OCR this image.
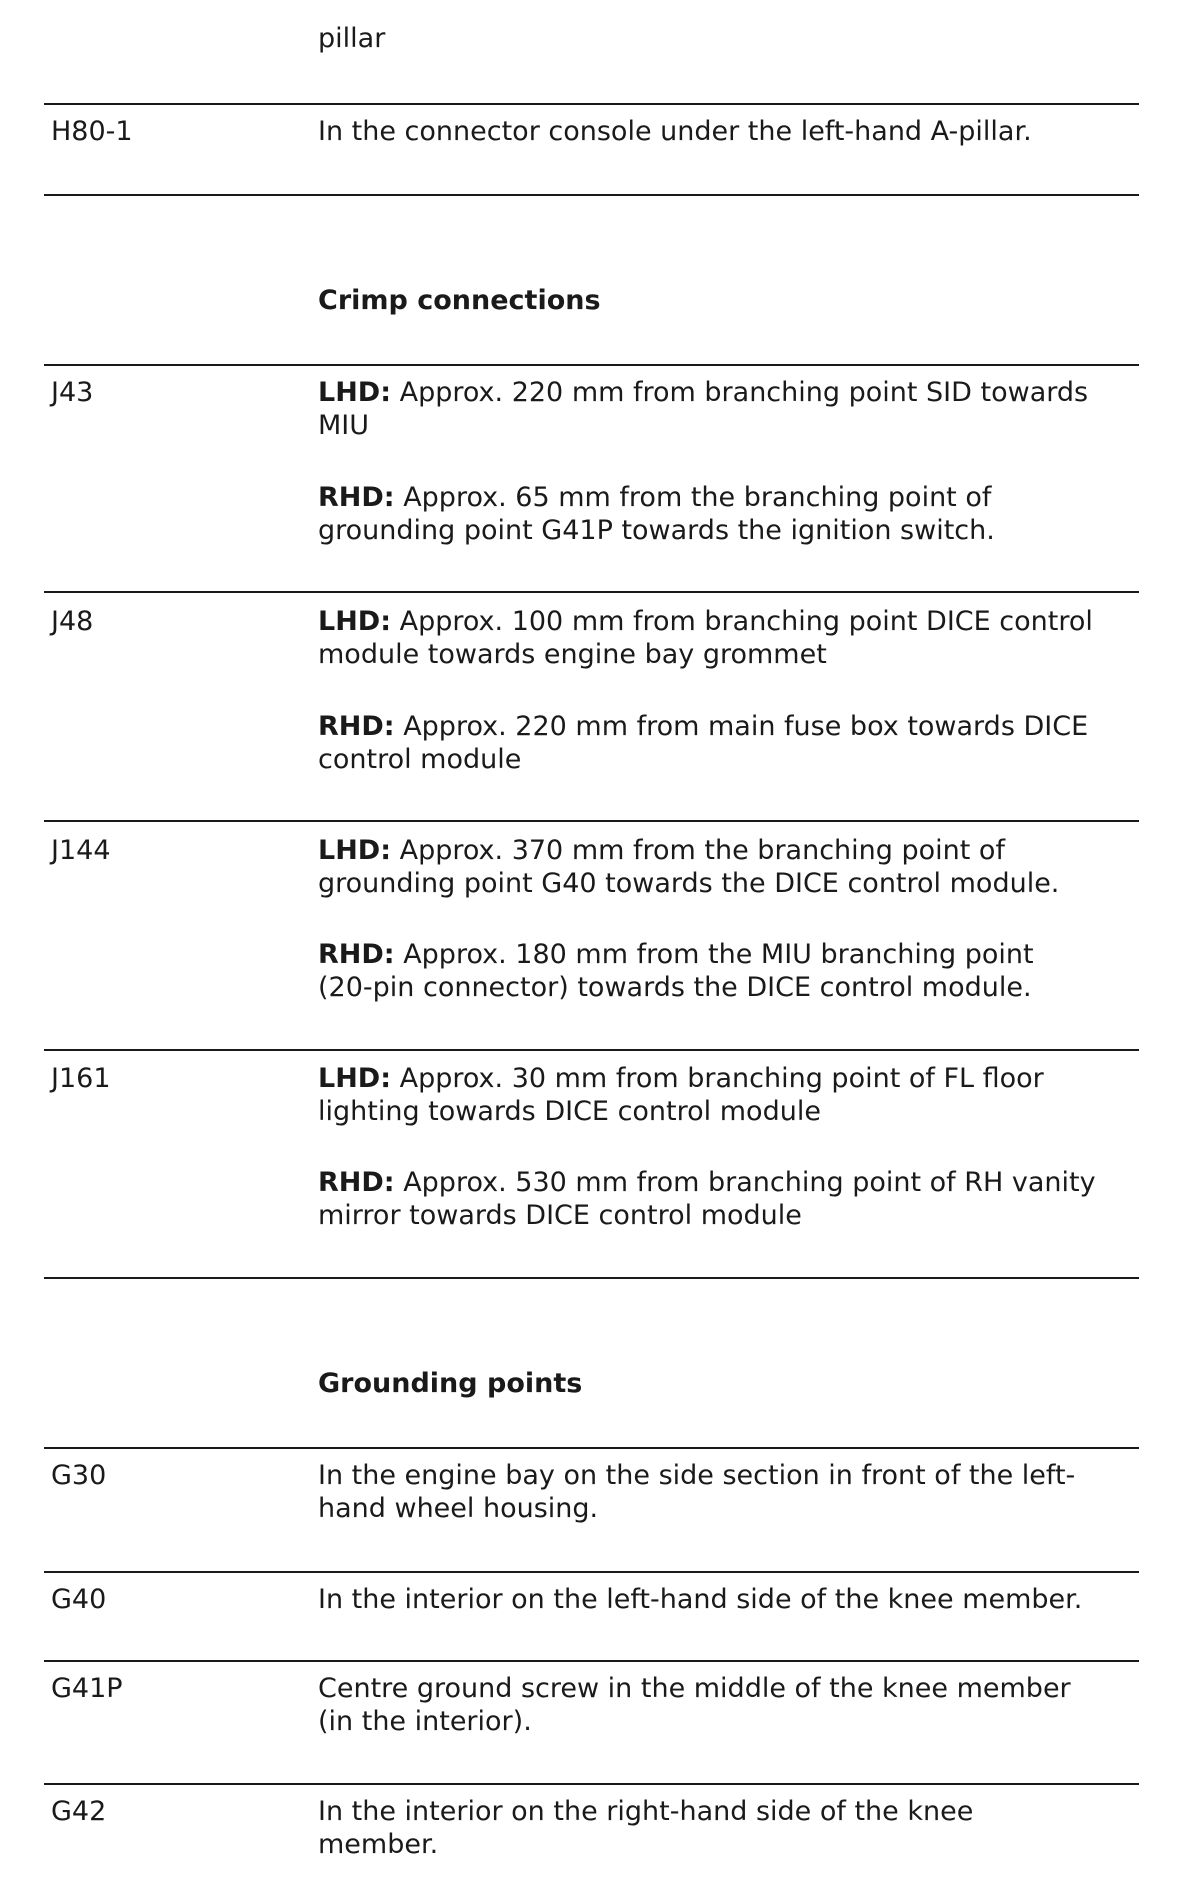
pillar
H80-1	In the connector console under the left-hand A-pillar.
Crimp connections
J43	LHD: Approx. 220 mm from branching point SID towards
MIU
RHD: Approx. 65 mm from the branching point of
grounding point G41P towards the ignition switch.
J48	LHD: Approx. 100 mm from branching point DICE control
module towards engine bay grommet
RHD: Approx. 220 mm from main fuse box towards DICE
control module
J144	LHD: Approx. 370 mm from the branching point of
grounding point G40 towards the DICE control module.
RHD: Approx. 180 mm from the MIU branching point
(20-pin connector) towards the DICE control module.
J161	LHD: Approx. 30 mm from branching point of FL floor
lighting towards DICE control module
RHD: Approx. 530 mm from branching point of RH vanity
mirror towards DICE control module
Grounding points
G30	In the engine bay on the side section in front of the left-
hand wheel housing.
G40	In the interior on the left-hand side of the knee member.
G41P	Centre ground screw in the middle of the knee member
(in the interior).
G42	In the interior on the right-hand side of the knee
member.
